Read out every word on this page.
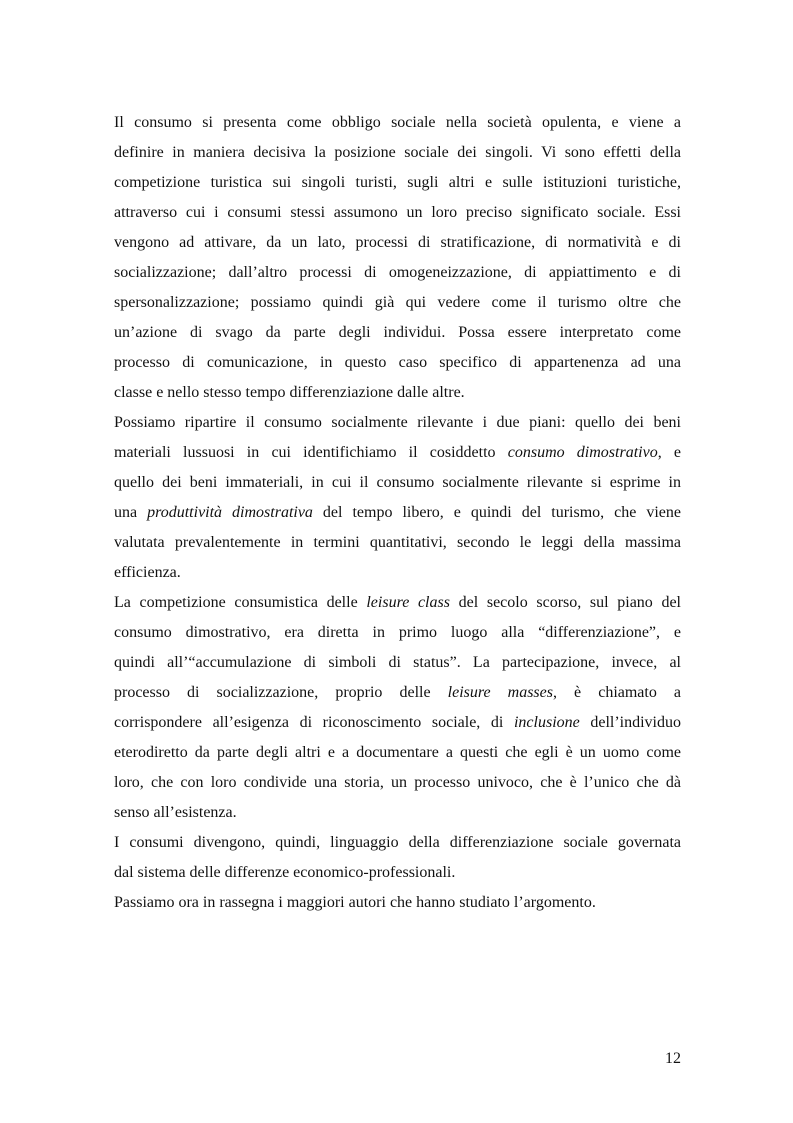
Il consumo si presenta come obbligo sociale nella società opulenta, e viene a
definire in maniera decisiva la posizione sociale dei singoli. Vi sono effetti della
competizione turistica sui singoli turisti, sugli altri e sulle istituzioni turistiche,
attraverso cui i consumi stessi assumono un loro preciso significato sociale. Essi
vengono ad attivare, da un lato, processi di stratificazione, di normatività e di
socializzazione; dall’altro processi di omogeneizzazione, di appiattimento e di
spersonalizzazione; possiamo quindi già qui vedere come il turismo oltre che
un’azione di svago da parte degli individui. Possa essere interpretato come
processo di comunicazione, in questo caso specifico di appartenenza ad una
classe e nello stesso tempo differenziazione dalle altre.
Possiamo ripartire il consumo socialmente rilevante i due piani: quello dei beni
materiali lussuosi in cui identifichiamo il cosiddetto consumo dimostrativo, e
quello dei beni immateriali, in cui il consumo socialmente rilevante si esprime in
una produttività dimostrativa del tempo libero, e quindi del turismo, che viene
valutata prevalentemente in termini quantitativi, secondo le leggi della massima
efficienza.
La competizione consumistica delle leisure class del secolo scorso, sul piano del
consumo dimostrativo, era diretta in primo luogo alla “differenziazione”, e
quindi all’“accumulazione di simboli di status”. La partecipazione, invece, al
processo di socializzazione, proprio delle leisure masses, è chiamato a
corrispondere all’esigenza di riconoscimento sociale, di inclusione dell’individuo
eterodiretto da parte degli altri e a documentare a questi che egli è un uomo come
loro, che con loro condivide una storia, un processo univoco, che è l’unico che dà
senso all’esistenza.
I consumi divengono, quindi, linguaggio della differenziazione sociale governata
dal sistema delle differenze economico-professionali.
Passiamo ora in rassegna i maggiori autori che hanno studiato l’argomento.
12
